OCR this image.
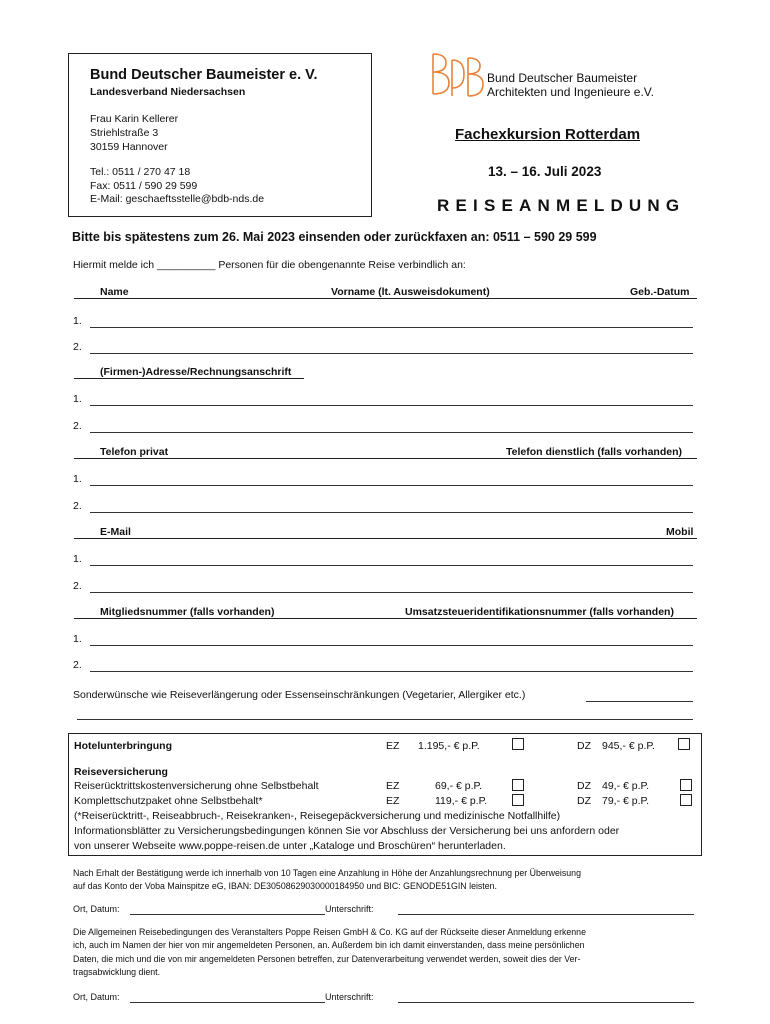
Bund Deutscher Baumeister e. V.
Landesverband Niedersachsen
Frau Karin Kellerer
Striehlstraße 3
30159 Hannover
Tel.: 0511 / 270 47 18
Fax: 0511 / 590 29 599
E-Mail: geschaeftsstelle@bdb-nds.de
Bund Deutscher Baumeister
Architekten und Ingenieure e.V.
Fachexkursion Rotterdam
13. – 16. Juli 2023
REISEANMELDUNG
Bitte bis spätestens zum 26. Mai 2023 einsenden oder zurückfaxen an: 0511 – 590 29 599
Hiermit melde ich __________ Personen für die obengenannte Reise verbindlich an:
Name	Vorname (lt. Ausweisdokument)	Geb.-Datum
1.
2.
(Firmen-)Adresse/Rechnungsanschrift
1.
2.
Telefon privat	Telefon dienstlich (falls vorhanden)
1.
2.
E-Mail	Mobil
1.
2.
Mitgliedsnummer (falls vorhanden)	Umsatzsteueridentifikationsnummer (falls vorhanden)
1.
2.
Sonderwünsche wie Reiseverlängerung oder Essenseinschränkungen (Vegetarier, Allergiker etc.)
Hotelunterbringung	EZ 1.195,- € p.P.	DZ 945,- € p.P.
Reiseversicherung
Reiserücktrittskostenversicherung ohne Selbstbehalt	EZ	69,- € p.P.	DZ 49,- € p.P.
Komplettschutzpaket ohne Selbstbehalt*	EZ	119,- € p.P.	DZ 79,- € p.P.
(*Reiserücktritt-, Reiseabbruch-, Reisekranken-, Reisegepäckversicherung und medizinische Notfallhilfe)
Informationsblätter zu Versicherungsbedingungen können Sie vor Abschluss der Versicherung bei uns anfordern oder
von unserer Webseite www.poppe-reisen.de unter „Kataloge und Broschüren“ herunterladen.
Nach Erhalt der Bestätigung werde ich innerhalb von 10 Tagen eine Anzahlung in Höhe der Anzahlungsrechnung per Überweisung
auf das Konto der Voba Mainspitze eG, IBAN: DE30508629030000184950 und BIC: GENODE51GIN leisten.
Ort, Datum:	Unterschrift:
Die Allgemeinen Reisebedingungen des Veranstalters Poppe Reisen GmbH & Co. KG auf der Rückseite dieser Anmeldung erkenne
ich, auch im Namen der hier von mir angemeldeten Personen, an. Außerdem bin ich damit einverstanden, dass meine persönlichen
Daten, die mich und die von mir angemeldeten Personen betreffen, zur Datenverarbeitung verwendet werden, soweit dies der Ver-
tragsabwicklung dient.
Ort, Datum:	Unterschrift:
